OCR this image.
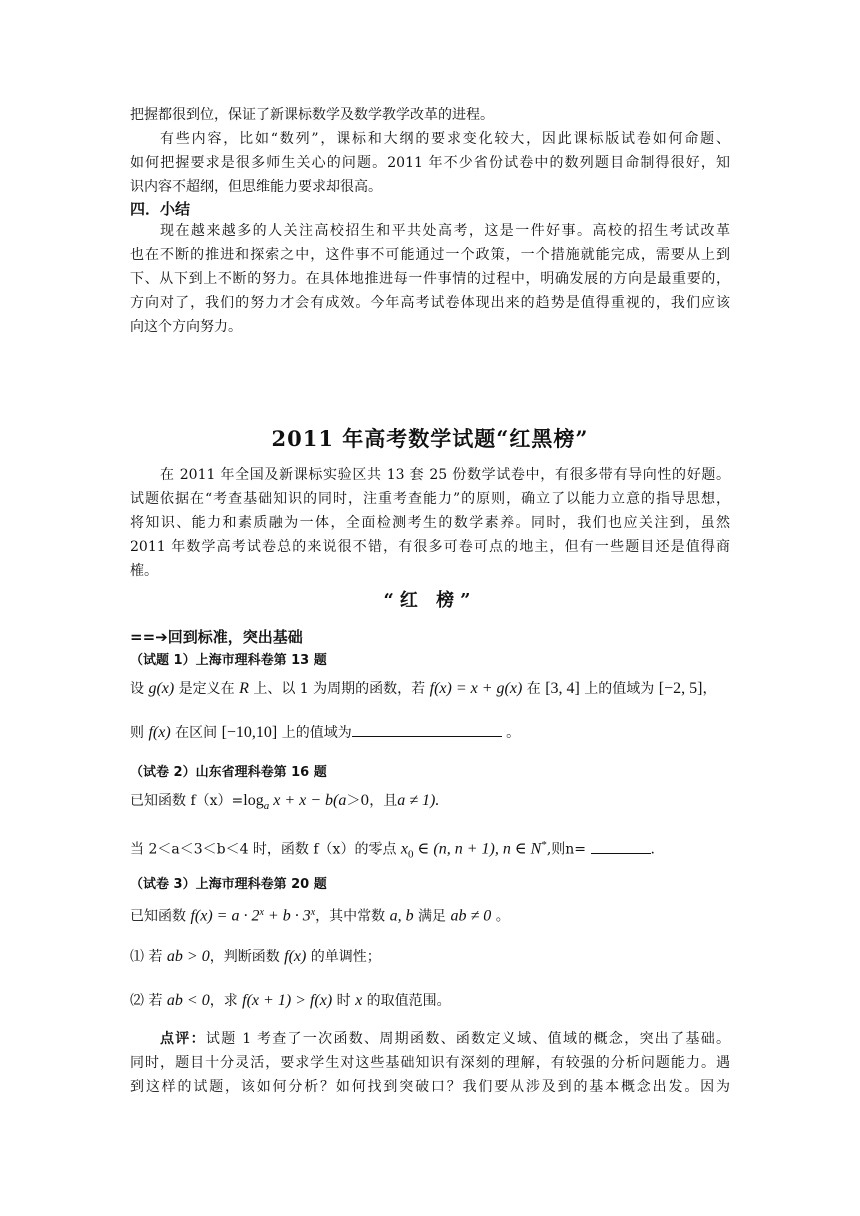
把握都很到位，保证了新课标数学及数学教学改革的进程。
有些内容，比如“数列”，课标和大纲的要求变化较大，因此课标版试卷如何命题、
如何把握要求是很多师生关心的问题。2011 年不少省份试卷中的数列题目命制得很好，知
识内容不超纲，但思维能力要求却很高。
四．小结
现在越来越多的人关注高校招生和平共处高考，这是一件好事。高校的招生考试改革
也在不断的推进和探索之中，这件事不可能通过一个政策，一个措施就能完成，需要从上到
下、从下到上不断的努力。在具体地推进每一件事情的过程中，明确发展的方向是最重要的，
方向对了，我们的努力才会有成效。今年高考试卷体现出来的趋势是值得重视的，我们应该
向这个方向努力。
2011 年高考数学试题“红黑榜”
在 2011 年全国及新课标实验区共 13 套 25 份数学试卷中，有很多带有导向性的好题。
试题依据在“考查基础知识的同时，注重考查能力”的原则，确立了以能力立意的指导思想，
将知识、能力和素质融为一体，全面检测考生的数学素养。同时，我们也应关注到，虽然
2011 年数学高考试卷总的来说很不错，有很多可卷可点的地主，但有一些题目还是值得商
榷。
“红 榜”
==➔回到标准，突出基础
（试题 1）上海市理科卷第 13 题
设 g(x) 是定义在 R 上、以 1 为周期的函数，若 f(x) = x + g(x) 在 [3, 4] 上的值域为 [−2, 5]，
则 f(x) 在区间 [−10,10] 上的值域为	。
（试卷 2）山东省理科卷第 16 题
已知函数 $f(x)=\log_a$ x + x − b(a＞0，且a ≠ 1).
当 2＜a＜3＜b＜4 时，函数 f（x）的零点 $x_0$ ∈ (n, n + 1), n ∈ N*,则n=	.
（试卷 3）上海市理科卷第 20 题
已知函数 $f(x) = a \cdot 2^x + b \cdot 3^x$，其中常数 a, b 满足 ab ≠ 0 。
⑴ 若 ab > 0，判断函数 f(x) 的单调性；
⑵ 若 ab < 0，求 f(x + 1) > f(x) 时 x 的取值范围。
点评：试题 1 考查了一次函数、周期函数、函数定义域、值域的概念，突出了基础。
同时，题目十分灵活，要求学生对这些基础知识有深刻的理解，有较强的分析问题能力。遇
到这样的试题，该如何分析？如何找到突破口？我们要从涉及到的基本概念出发。因为
